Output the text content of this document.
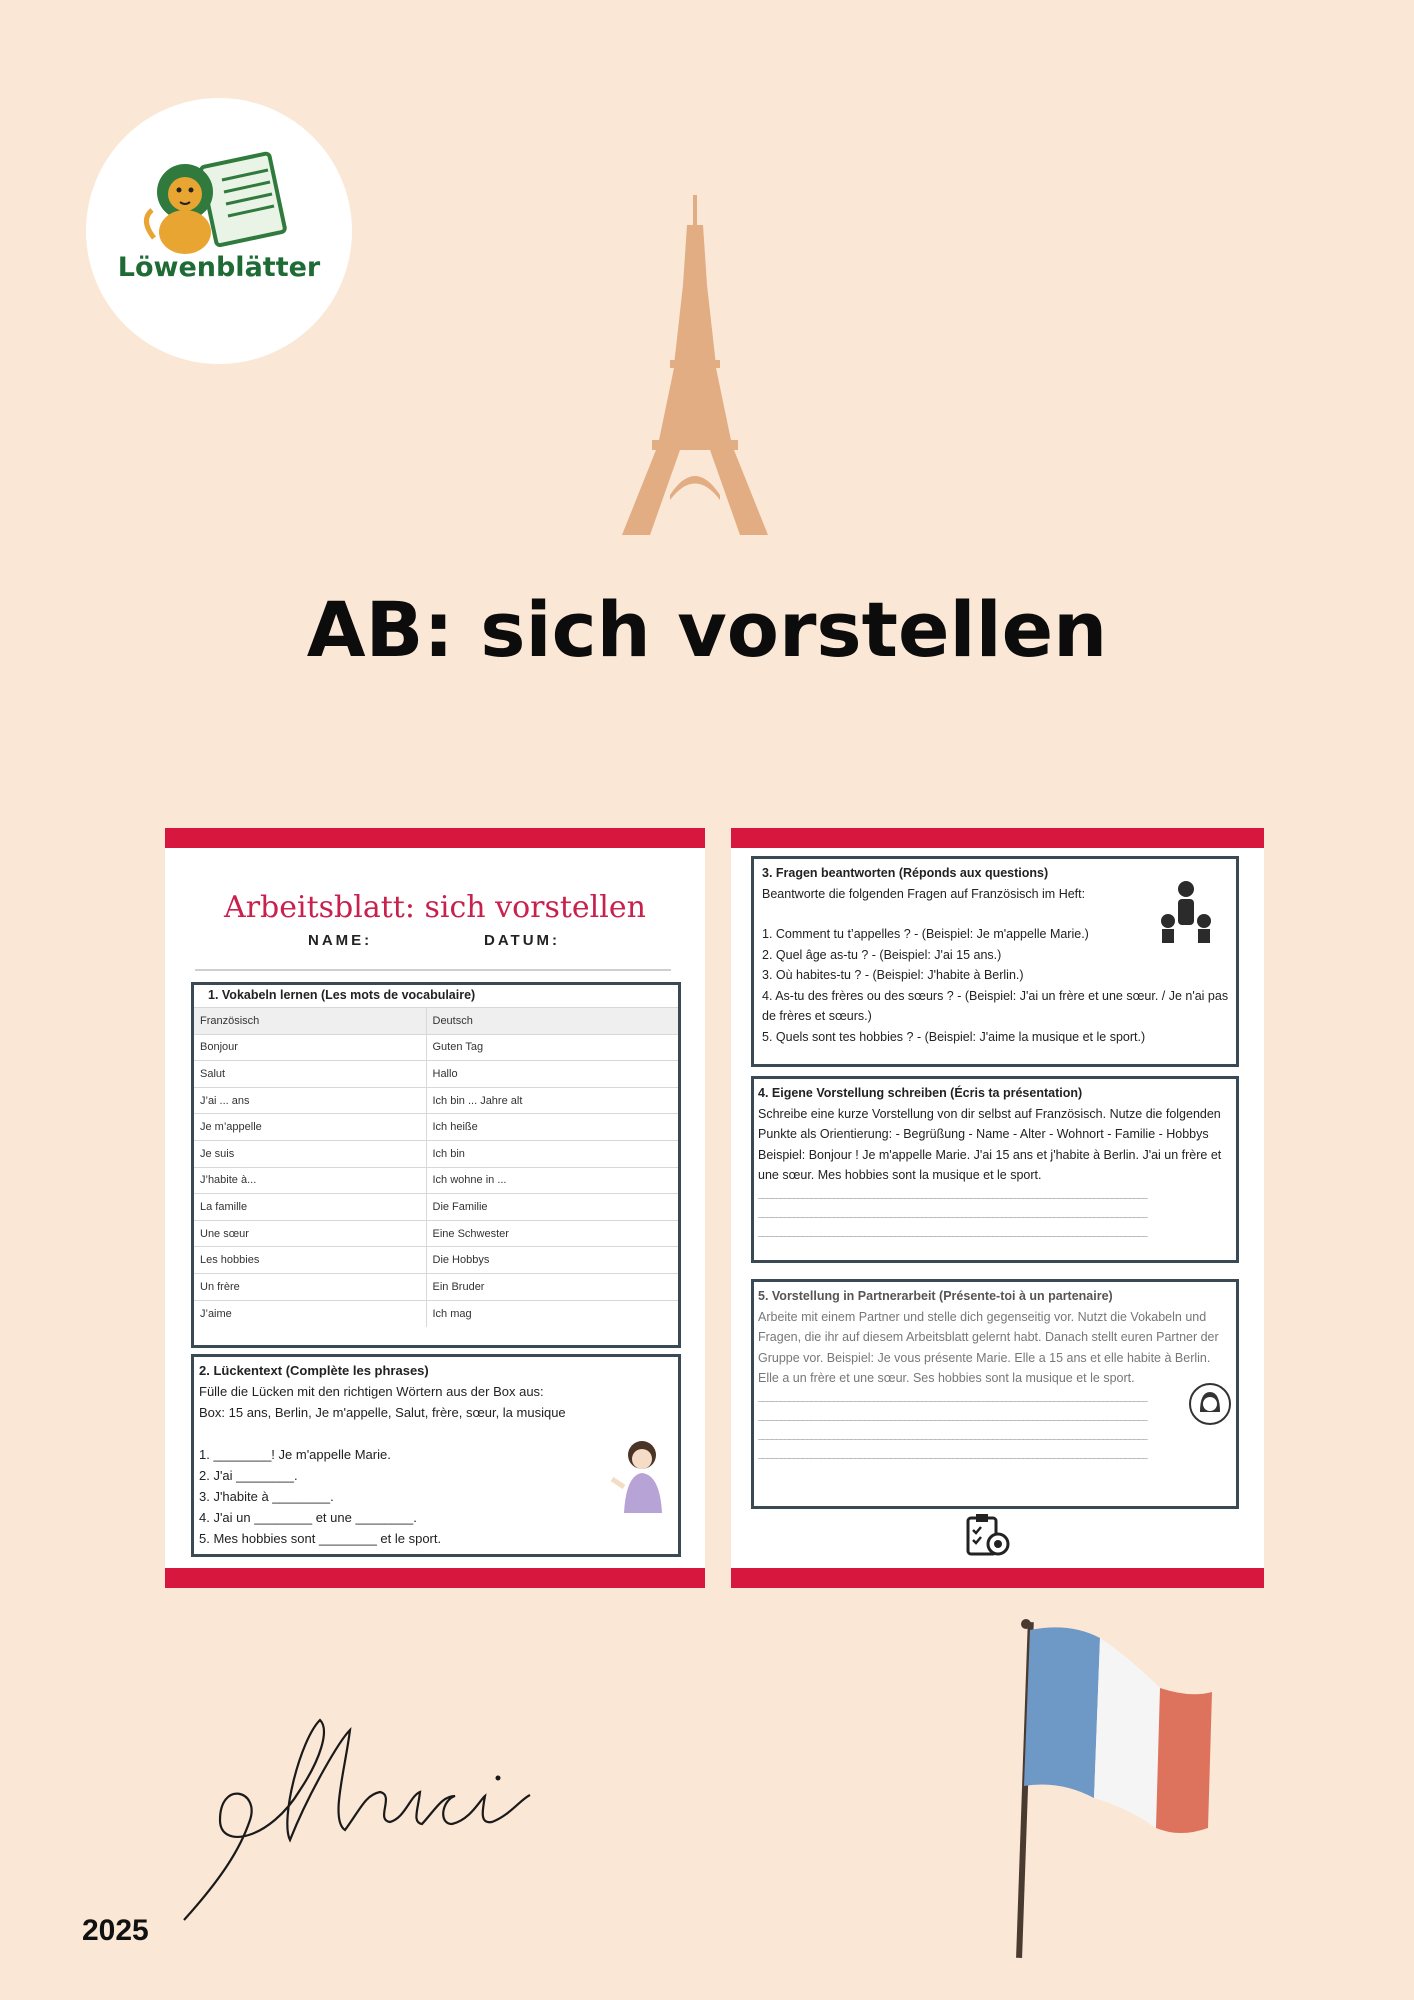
Löwenblätter
AB: sich vorstellen
Arbeitsblatt: sich vorstellen
NAME:	DATUM:
1. Vokabeln lernen (Les mots de vocabulaire)
Französisch	Deutsch
Bonjour	Guten Tag
Salut	Hallo
J’ai ... ans	Ich bin ... Jahre alt
Je m’appelle	Ich heiße
Je suis	Ich bin
J’habite à...	Ich wohne in ...
La famille	Die Familie
Une sœur	Eine Schwester
Les hobbies	Die Hobbys
Un frère	Ein Bruder
J’aime	Ich mag
2. Lückentext (Complète les phrases)
Fülle die Lücken mit den richtigen Wörtern aus der Box aus:
Box: 15 ans, Berlin, Je m'appelle, Salut, frère, sœur, la musique
1. ________! Je m'appelle Marie.
2. J'ai ________.
3. J'habite à ________.
4. J'ai un ________ et une ________.
5. Mes hobbies sont ________ et le sport.
3. Fragen beantworten (Réponds aux questions)
Beantworte die folgenden Fragen auf Französisch im Heft:
1. Comment tu t’appelles ? - (Beispiel: Je m'appelle Marie.)
2. Quel âge as-tu ? - (Beispiel: J'ai 15 ans.)
3. Où habites-tu ? - (Beispiel: J'habite à Berlin.)
4. As-tu des frères ou des sœurs ? - (Beispiel: J'ai un frère et une sœur. / Je n'ai pas de frères et sœurs.)
5. Quels sont tes hobbies ? - (Beispiel: J'aime la musique et le sport.)
4. Eigene Vorstellung schreiben (Écris ta présentation)
Schreibe eine kurze Vorstellung von dir selbst auf Französisch. Nutze die folgenden Punkte als Orientierung: - Begrüßung - Name - Alter - Wohnort - Familie - Hobbys Beispiel: Bonjour ! Je m'appelle Marie. J'ai 15 ans et j'habite à Berlin. J'ai un frère et une sœur. Mes hobbies sont la musique et le sport.
________________________________________________________________________________________
________________________________________________________________________________________
________________________________________________________________________________________
5. Vorstellung in Partnerarbeit (Présente-toi à un partenaire)
Arbeite mit einem Partner und stelle dich gegenseitig vor. Nutzt die Vokabeln und Fragen, die ihr auf diesem Arbeitsblatt gelernt habt. Danach stellt euren Partner der Gruppe vor. Beispiel: Je vous présente Marie. Elle a 15 ans et elle habite à Berlin. Elle a un frère et une sœur. Ses hobbies sont la musique et le sport.
________________________________________________________________________________________
________________________________________________________________________________________
________________________________________________________________________________________
________________________________________________________________________________________
Merci
2025
